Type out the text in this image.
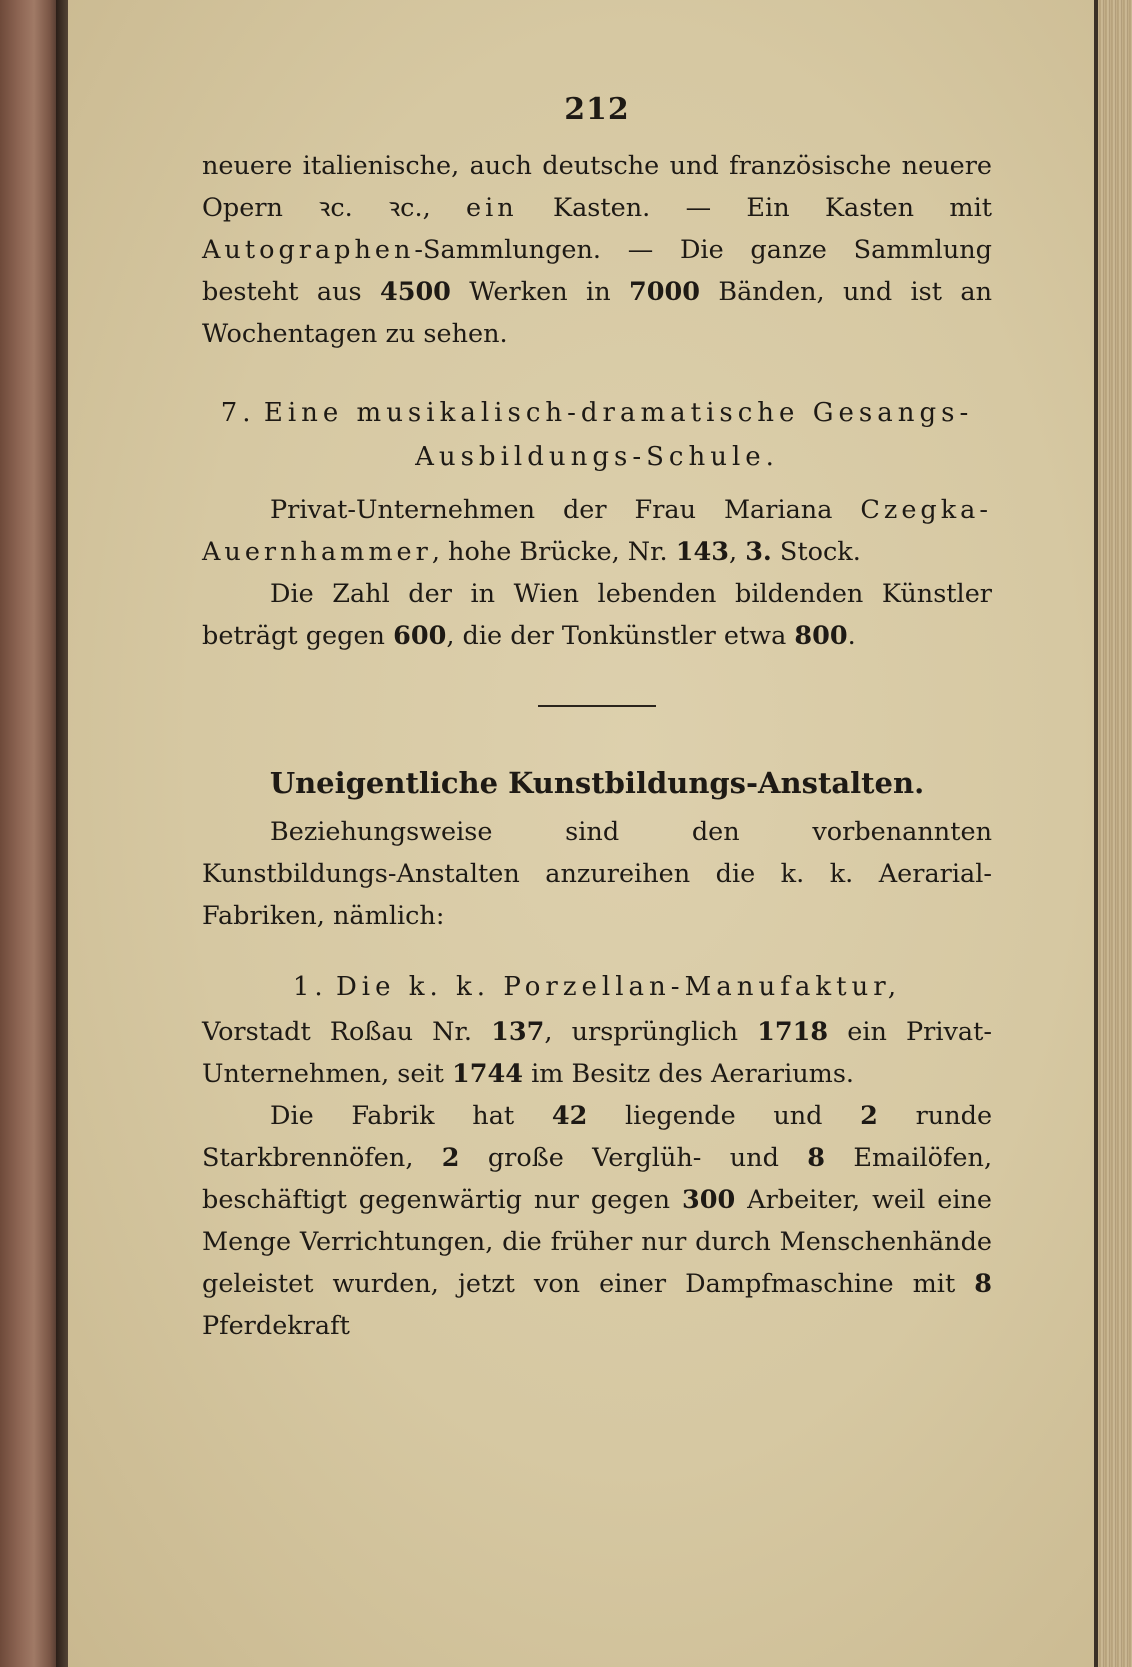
212

neuere italienische, auch deutsche und französische neuere Opern ꝛc. ꝛc., ein Kasten. — Ein Kasten mit Autographen-Sammlungen. — Die ganze Sammlung besteht aus 4500 Werken in 7000 Bänden, und ist an Wochentagen zu sehen.

7. Eine musikalisch-dramatische Gesangs-
Ausbildungs-Schule.

Privat-Unternehmen der Frau Mariana Czegka-Auernhammer, hohe Brücke, Nr. 143, 3. Stock.

Die Zahl der in Wien lebenden bildenden Künstler beträgt gegen 600, die der Tonkünstler etwa 800.

Uneigentliche Kunstbildungs-Anstalten.

Beziehungsweise sind den vorbenannten Kunstbildungs-Anstalten anzureihen die k. k. Aerarial-Fabriken, nämlich:

1. Die k. k. Porzellan-Manufaktur,

Vorstadt Roßau Nr. 137, ursprünglich 1718 ein Privat-Unternehmen, seit 1744 im Besitz des Aerariums.

Die Fabrik hat 42 liegende und 2 runde Starkbrennöfen, 2 große Verglüh- und 8 Emailöfen, beschäftigt gegenwärtig nur gegen 300 Arbeiter, weil eine Menge Verrichtungen, die früher nur durch Menschenhände geleistet wurden, jetzt von einer Dampfmaschine mit 8 Pferdekraft
